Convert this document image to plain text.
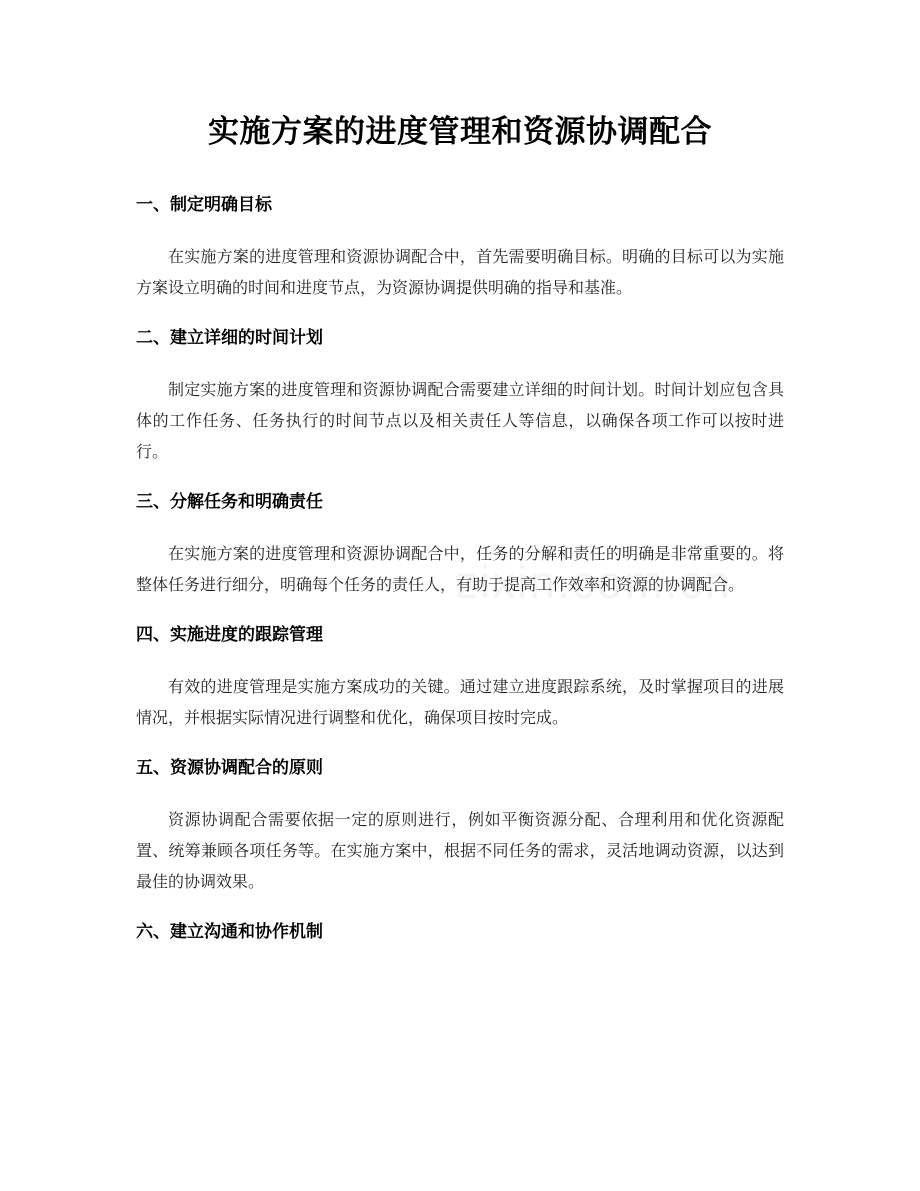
实施方案的进度管理和资源协调配合
一、制定明确目标

在实施方案的进度管理和资源协调配合中，首先需要明确目标。明确的目标可以为实施方案设立明确的时间和进度节点，为资源协调提供明确的指导和基准。

二、建立详细的时间计划

制定实施方案的进度管理和资源协调配合需要建立详细的时间计划。时间计划应包含具体的工作任务、任务执行的时间节点以及相关责任人等信息，以确保各项工作可以按时进行。

三、分解任务和明确责任

在实施方案的进度管理和资源协调配合中，任务的分解和责任的明确是非常重要的。将整体任务进行细分，明确每个任务的责任人，有助于提高工作效率和资源的协调配合。

四、实施进度的跟踪管理

有效的进度管理是实施方案成功的关键。通过建立进度跟踪系统，及时掌握项目的进展情况，并根据实际情况进行调整和优化，确保项目按时完成。

五、资源协调配合的原则

资源协调配合需要依据一定的原则进行，例如平衡资源分配、合理利用和优化资源配置、统筹兼顾各项任务等。在实施方案中，根据不同任务的需求，灵活地调动资源，以达到最佳的协调效果。

六、建立沟通和协作机制
